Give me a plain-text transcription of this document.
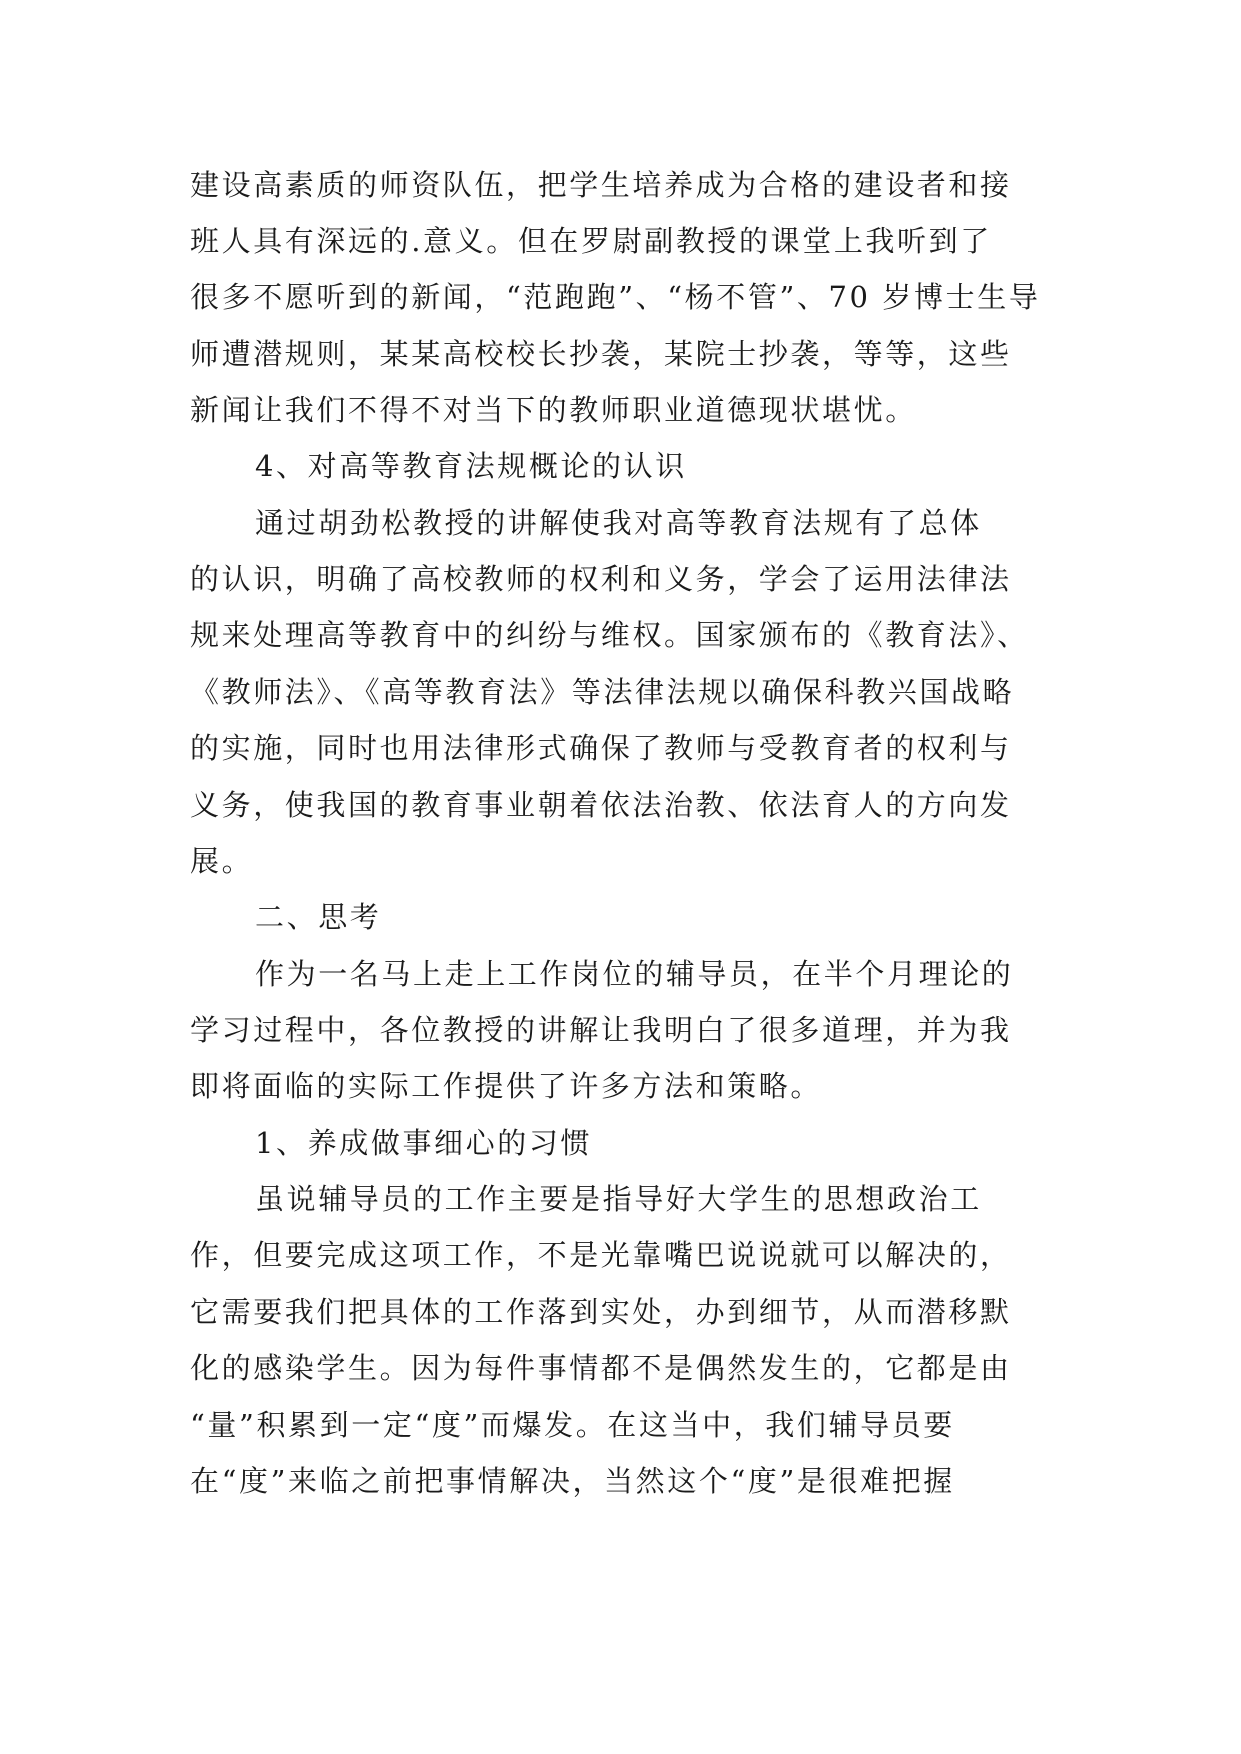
建设高素质的师资队伍，把学生培养成为合格的建设者和接
班人具有深远的.意义。但在罗尉副教授的课堂上我听到了
很多不愿听到的新闻，“范跑跑”、“杨不管”、70 岁博士生导
师遭潜规则，某某高校校长抄袭，某院士抄袭，等等，这些
新闻让我们不得不对当下的教师职业道德现状堪忧。
4、对高等教育法规概论的认识
通过胡劲松教授的讲解使我对高等教育法规有了总体
的认识，明确了高校教师的权利和义务，学会了运用法律法
规来处理高等教育中的纠纷与维权。国家颁布的《教育法》、
《教师法》、《高等教育法》等法律法规以确保科教兴国战略
的实施，同时也用法律形式确保了教师与受教育者的权利与
义务，使我国的教育事业朝着依法治教、依法育人的方向发
展。
二、思考
作为一名马上走上工作岗位的辅导员，在半个月理论的
学习过程中，各位教授的讲解让我明白了很多道理，并为我
即将面临的实际工作提供了许多方法和策略。
1、养成做事细心的习惯
虽说辅导员的工作主要是指导好大学生的思想政治工
作，但要完成这项工作，不是光靠嘴巴说说就可以解决的，
它需要我们把具体的工作落到实处，办到细节，从而潜移默
化的感染学生。因为每件事情都不是偶然发生的，它都是由
“量”积累到一定“度”而爆发。在这当中，我们辅导员要
在“度”来临之前把事情解决，当然这个“度”是很难把握
